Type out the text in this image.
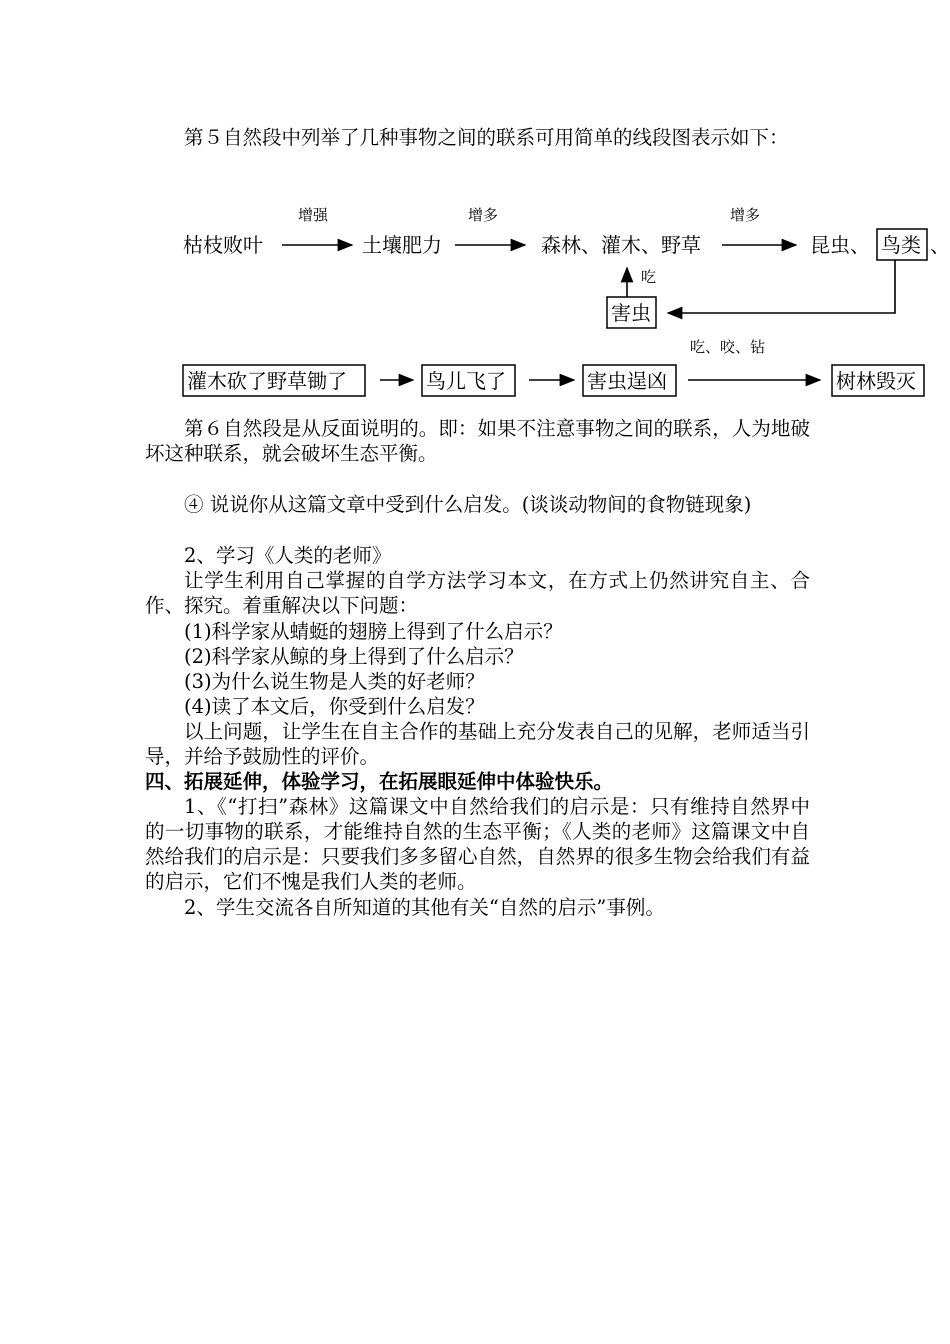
第５自然段中列举了几种事物之间的联系可用简单的线段图表示如下：

枯枝败叶
增强
土壤肥力
增多
森林、灌木、野草
增多
昆虫、 鸟类 、
吃
害虫
吃、咬、钻
灌木砍了野草锄了	鸟儿飞了	害虫逞凶	树林毁灭

第６自然段是从反面说明的。即：如果不注意事物之间的联系，人为地破坏这种联系，就会破坏生态平衡。

④ 说说你从这篇文章中受到什么启发。(谈谈动物间的食物链现象)

2、学习《人类的老师》

让学生利用自己掌握的自学方法学习本文，在方式上仍然讲究自主、合作、探究。着重解决以下问题：

(1)科学家从蜻蜓的翅膀上得到了什么启示？

(2)科学家从鲸的身上得到了什么启示？

(3)为什么说生物是人类的好老师？

(4)读了本文后，你受到什么启发？

以上问题，让学生在自主合作的基础上充分发表自己的见解，老师适当引导，并给予鼓励性的评价。

四、拓展延伸，体验学习，在拓展眼延伸中体验快乐。

1、《“打扫”森林》这篇课文中自然给我们的启示是：只有维持自然界中的一切事物的联系，才能维持自然的生态平衡；《人类的老师》这篇课文中自然给我们的启示是：只要我们多多留心自然，自然界的很多生物会给我们有益的启示，它们不愧是我们人类的老师。

2、学生交流各自所知道的其他有关“自然的启示”事例。
